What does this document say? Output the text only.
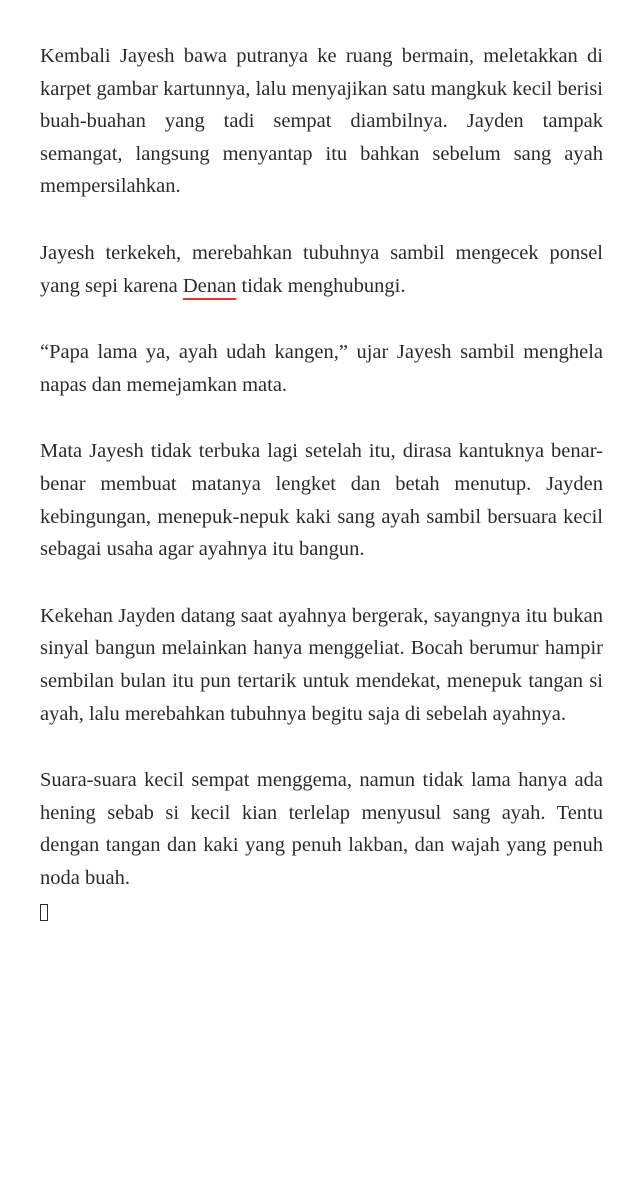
Kembali Jayesh bawa putranya ke ruang bermain, meletakkan di karpet gambar kartunnya, lalu menyajikan satu mangkuk kecil berisi buah-buahan yang tadi sempat diambilnya. Jayden tampak semangat, langsung menyantap itu bahkan sebelum sang ayah mempersilahkan.

Jayesh terkekeh, merebahkan tubuhnya sambil mengecek ponsel yang sepi karena Denan tidak menghubungi.

“Papa lama ya, ayah udah kangen,” ujar Jayesh sambil menghela napas dan memejamkan mata.

Mata Jayesh tidak terbuka lagi setelah itu, dirasa kantuknya benar-benar membuat matanya lengket dan betah menutup. Jayden kebingungan, menepuk-nepuk kaki sang ayah sambil bersuara kecil sebagai usaha agar ayahnya itu bangun.

Kekehan Jayden datang saat ayahnya bergerak, sayangnya itu bukan sinyal bangun melainkan hanya menggeliat. Bocah berumur hampir sembilan bulan itu pun tertarik untuk mendekat, menepuk tangan si ayah, lalu merebahkan tubuhnya begitu saja di sebelah ayahnya.

Suara-suara kecil sempat menggema, namun tidak lama hanya ada hening sebab si kecil kian terlelap menyusul sang ayah. Tentu dengan tangan dan kaki yang penuh lakban, dan wajah yang penuh noda buah.
